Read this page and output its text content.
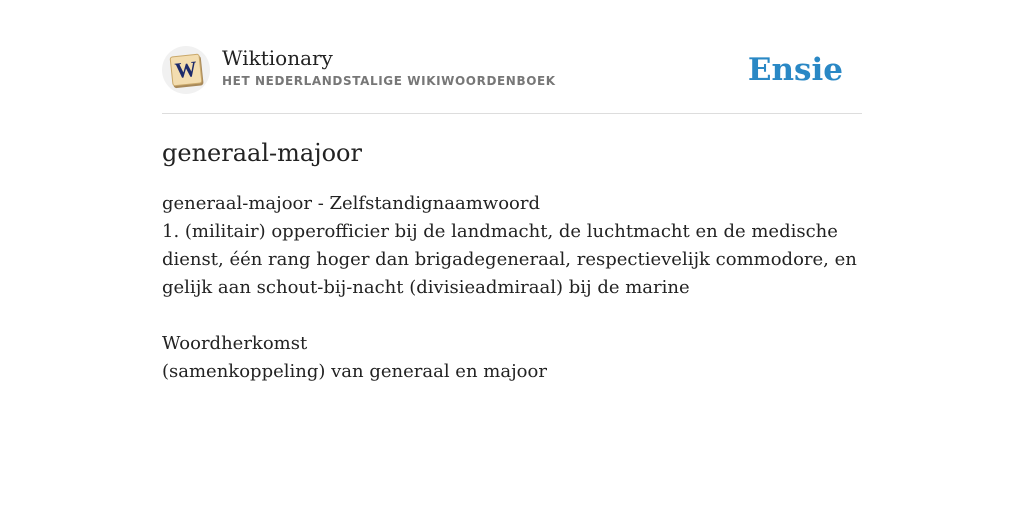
W Wiktionary
HET NEDERLANDSTALIGE WIKIWOORDENBOEK	Ensie
generaal-majoor

generaal-majoor - Zelfstandignaamwoord

1. (militair) opperofficier bij de landmacht, de luchtmacht en de medische dienst, één rang hoger dan brigadegeneraal, respectievelijk commodore, en gelijk aan schout-bij-nacht (divisieadmiraal) bij de marine

Woordherkomst

(samenkoppeling) van generaal en majoor
